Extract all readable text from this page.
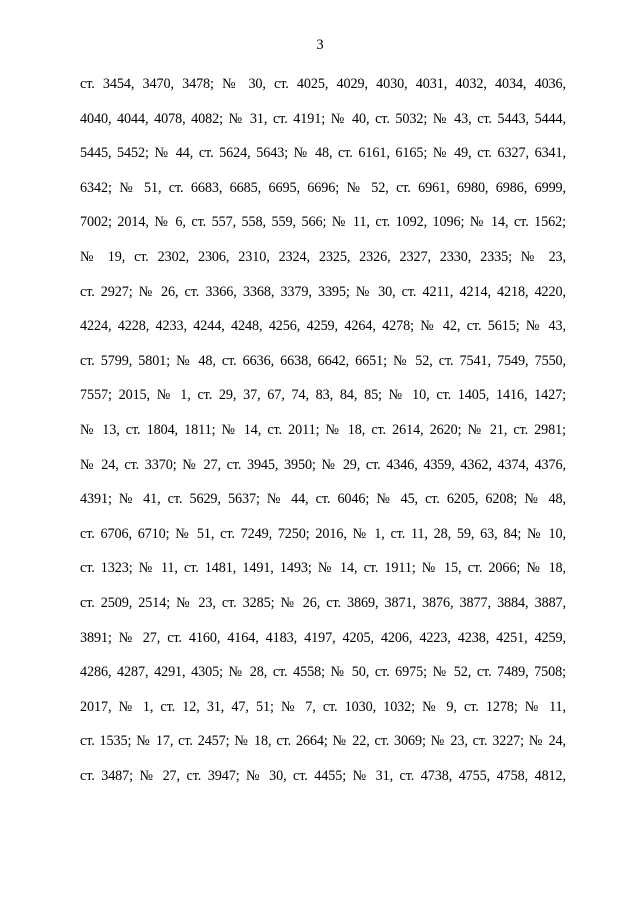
3
ст. 3454, 3470, 3478; № 30, ст. 4025, 4029, 4030, 4031, 4032, 4034, 4036,
4040, 4044, 4078, 4082; № 31, ст. 4191; № 40, ст. 5032; № 43, ст. 5443, 5444,
5445, 5452; № 44, ст. 5624, 5643; № 48, ст. 6161, 6165; № 49, ст. 6327, 6341,
6342; № 51, ст. 6683, 6685, 6695, 6696; № 52, ст. 6961, 6980, 6986, 6999,
7002; 2014, № 6, ст. 557, 558, 559, 566; № 11, ст. 1092, 1096; № 14, ст. 1562;
№ 19, ст. 2302, 2306, 2310, 2324, 2325, 2326, 2327, 2330, 2335; № 23,
ст. 2927; № 26, ст. 3366, 3368, 3379, 3395; № 30, ст. 4211, 4214, 4218, 4220,
4224, 4228, 4233, 4244, 4248, 4256, 4259, 4264, 4278; № 42, ст. 5615; № 43,
ст. 5799, 5801; № 48, ст. 6636, 6638, 6642, 6651; № 52, ст. 7541, 7549, 7550,
7557; 2015, № 1, ст. 29, 37, 67, 74, 83, 84, 85; № 10, ст. 1405, 1416, 1427;
№ 13, ст. 1804, 1811; № 14, ст. 2011; № 18, ст. 2614, 2620; № 21, ст. 2981;
№ 24, ст. 3370; № 27, ст. 3945, 3950; № 29, ст. 4346, 4359, 4362, 4374, 4376,
4391; № 41, ст. 5629, 5637; № 44, ст. 6046; № 45, ст. 6205, 6208; № 48,
ст. 6706, 6710; № 51, ст. 7249, 7250; 2016, № 1, ст. 11, 28, 59, 63, 84; № 10,
ст. 1323; № 11, ст. 1481, 1491, 1493; № 14, ст. 1911; № 15, ст. 2066; № 18,
ст. 2509, 2514; № 23, ст. 3285; № 26, ст. 3869, 3871, 3876, 3877, 3884, 3887,
3891; № 27, ст. 4160, 4164, 4183, 4197, 4205, 4206, 4223, 4238, 4251, 4259,
4286, 4287, 4291, 4305; № 28, ст. 4558; № 50, ст. 6975; № 52, ст. 7489, 7508;
2017, № 1, ст. 12, 31, 47, 51; № 7, ст. 1030, 1032; № 9, ст. 1278; № 11,
ст. 1535; № 17, ст. 2457; № 18, ст. 2664; № 22, ст. 3069; № 23, ст. 3227; № 24,
ст. 3487; № 27, ст. 3947; № 30, ст. 4455; № 31, ст. 4738, 4755, 4758, 4812,
